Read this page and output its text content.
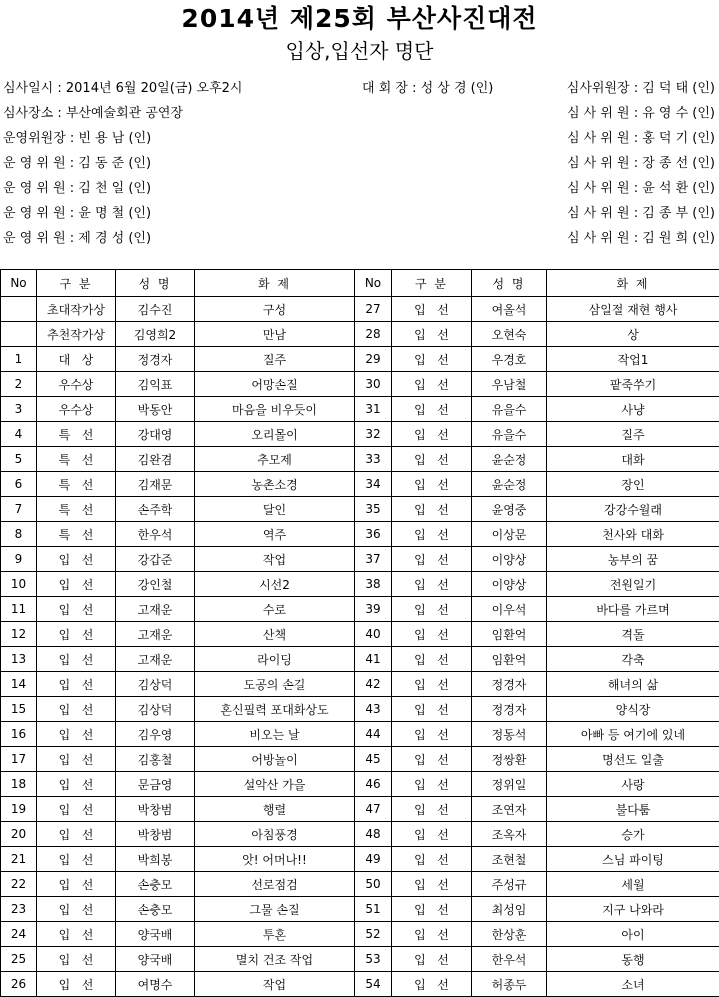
2014년 제25회 부산사진대전
입상,입선자 명단
심사일시 : 2014년 6월 20일(금) 오후2시	대 회 장 : 성 상 경 (인)	심사위원장 : 김 덕 태 (인)
심사장소 : 부산예술회관 공연장	심 사 위 원 : 유 영 수 (인)
운영위원장 : 빈 용 남 (인)	심 사 위 원 : 홍 덕 기 (인)
운 영 위 원 : 김 동 준 (인)	심 사 위 원 : 장 종 선 (인)
운 영 위 원 : 김 천 일 (인)	심 사 위 원 : 윤 석 환 (인)
운 영 위 원 : 윤 명 철 (인)	심 사 위 원 : 김 종 부 (인)
운 영 위 원 : 제 경 성 (인)	심 사 위 원 : 김 원 희 (인)
No	구 분	성 명	화 제	No	구 분	성 명	화 제
	초대작가상	김수진	구성	27	입   선	여올석	삼일절 재현 행사
	추천작가상	김영희2	만남	28	입   선	오현숙	상
1	대   상	정경자	질주	29	입   선	우경호	작업1
2	우수상	김익표	어망손질	30	입   선	우남철	팥죽쑤기
3	우수상	박동안	마음을 비우듯이	31	입   선	유을수	사냥
4	특   선	강대영	오리몰이	32	입   선	유을수	질주
5	특   선	김완겸	추모제	33	입   선	윤순정	대화
6	특   선	김재문	농촌소경	34	입   선	윤순정	장인
7	특   선	손주학	달인	35	입   선	윤영중	강강수월래
8	특   선	한우석	역주	36	입   선	이상문	천사와 대화
9	입   선	강갑준	작업	37	입   선	이양상	농부의 꿈
10	입   선	강인철	시선2	38	입   선	이양상	전원일기
11	입   선	고재운	수로	39	입   선	이우석	바다를 가르며
12	입   선	고재운	산책	40	입   선	임환억	격돌
13	입   선	고재운	라이딩	41	입   선	임환억	각축
14	입   선	김상덕	도공의 손길	42	입   선	정경자	해녀의 삶
15	입   선	김상덕	혼신필력 포대화상도	43	입   선	정경자	양식장
16	입   선	김우영	비오는 날	44	입   선	정동석	아빠 등 여기에 있네
17	입   선	김홍철	어방놀이	45	입   선	정쌍환	명선도 일출
18	입   선	문금영	설악산 가을	46	입   선	정위일	사랑
19	입   선	박창범	행렬	47	입   선	조연자	불다툼
20	입   선	박창범	아침풍경	48	입   선	조옥자	승가
21	입   선	박희봉	앗! 어머나!!	49	입   선	조현철	스님 파이팅
22	입   선	손충모	선로점검	50	입   선	주성규	세월
23	입   선	손충모	그물 손질	51	입   선	최성임	지구 나와라
24	입   선	양국배	투혼	52	입   선	한상훈	아이
25	입   선	양국배	멸치 건조 작업	53	입   선	한우석	동행
26	입   선	여명수	작업	54	입   선	허종두	소녀
